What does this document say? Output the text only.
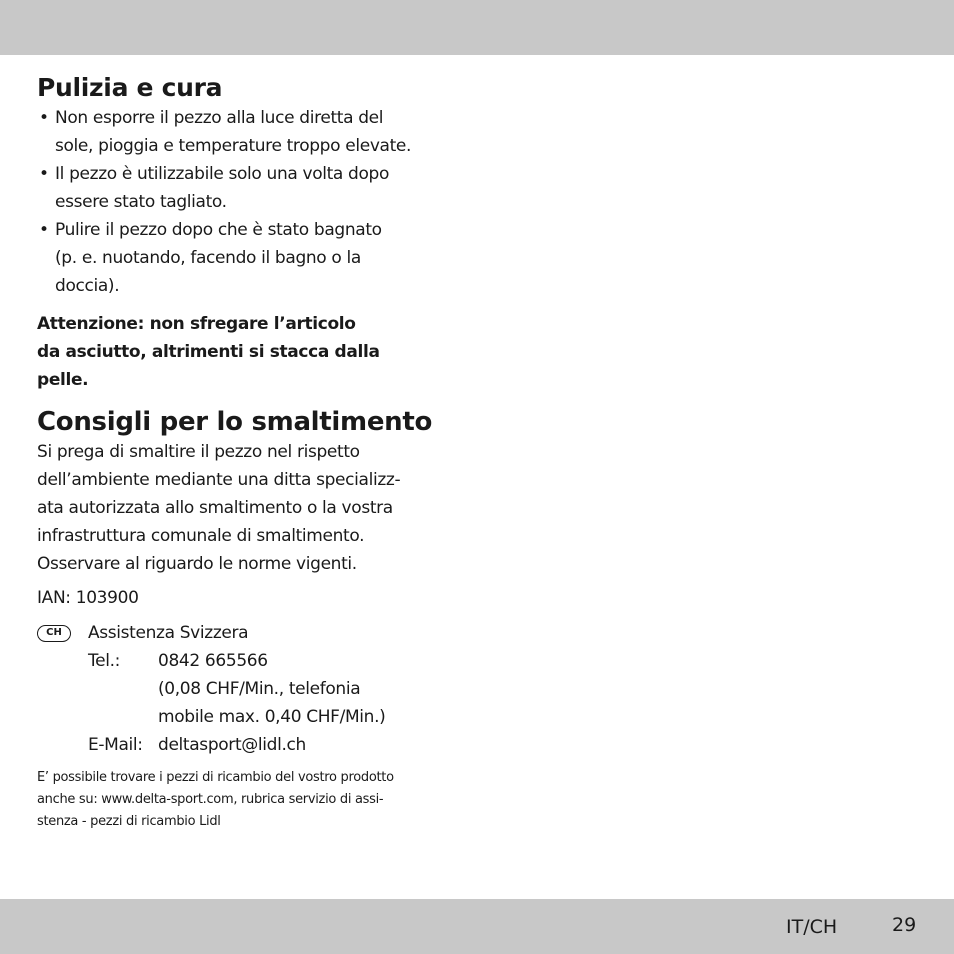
Pulizia e cura
• Non esporre il pezzo alla luce diretta del
sole, pioggia e temperature troppo elevate.
• Il pezzo è utilizzabile solo una volta dopo
essere stato tagliato.
• Pulire il pezzo dopo che è stato bagnato
(p. e. nuotando, facendo il bagno o la
doccia).
Attenzione: non sfregare l’articolo
da asciutto, altrimenti si stacca dalla
pelle.
Consigli per lo smaltimento
Si prega di smaltire il pezzo nel rispetto
dell’ambiente mediante una ditta specializz-
ata autorizzata allo smaltimento o la vostra
infrastruttura comunale di smaltimento.
Osservare al riguardo le norme vigenti.
IAN: 103900
CH	Assistenza Svizzera
Tel.:	0842 665566
(0,08 CHF/Min., telefonia
mobile max. 0,40 CHF/Min.)
E-Mail: deltasport@lidl.ch
E’ possibile trovare i pezzi di ricambio del vostro prodotto
anche su: www.delta-sport.com, rubrica servizio di assi-
stenza - pezzi di ricambio Lidl
IT/CH	29
